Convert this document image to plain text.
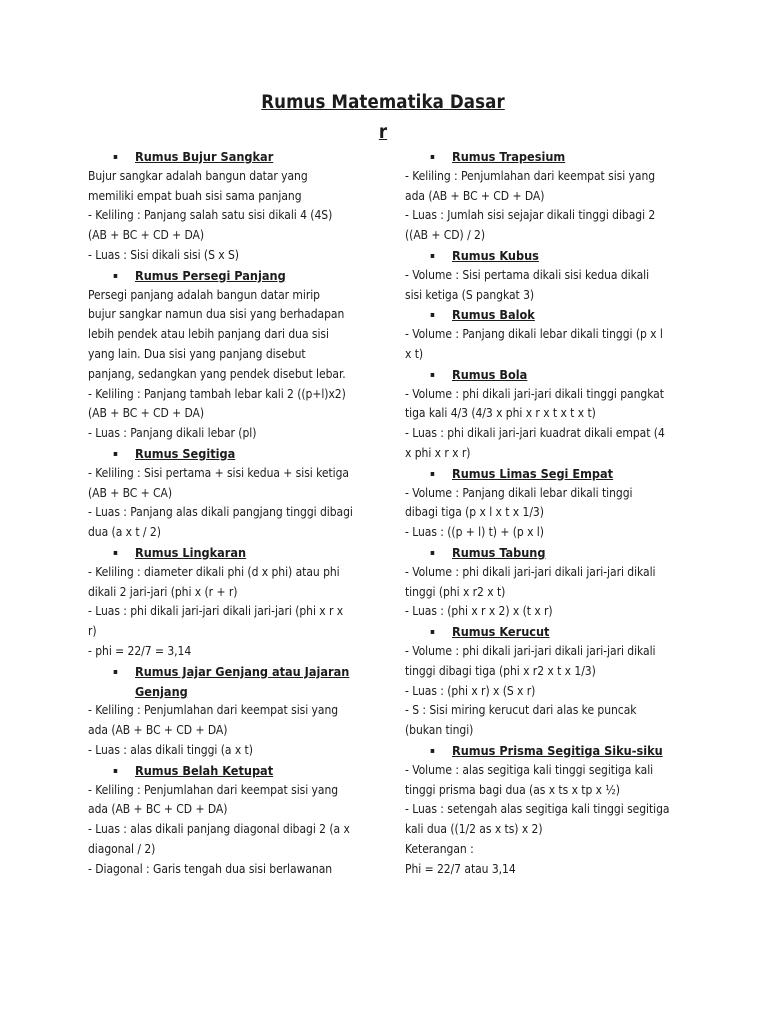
Rumus Matematika Dasar
r
▪	Rumus Bujur Sangkar
Bujur sangkar adalah bangun datar yang
memiliki empat buah sisi sama panjang
- Keliling : Panjang salah satu sisi dikali 4 (4S)
(AB + BC + CD + DA)
- Luas : Sisi dikali sisi (S x S)
▪	Rumus Persegi Panjang
Persegi panjang adalah bangun datar mirip
bujur sangkar namun dua sisi yang berhadapan
lebih pendek atau lebih panjang dari dua sisi
yang lain. Dua sisi yang panjang disebut
panjang, sedangkan yang pendek disebut lebar.
- Keliling : Panjang tambah lebar kali 2 ((p+l)x2)
(AB + BC + CD + DA)
- Luas : Panjang dikali lebar (pl)
▪	Rumus Segitiga
- Keliling : Sisi pertama + sisi kedua + sisi ketiga
(AB + BC + CA)
- Luas : Panjang alas dikali pangjang tinggi dibagi
dua (a x t / 2)
▪	Rumus Lingkaran
- Keliling : diameter dikali phi (d x phi) atau phi
dikali 2 jari-jari (phi x (r + r)
- Luas : phi dikali jari-jari dikali jari-jari (phi x r x
r)
- phi = 22/7 = 3,14
▪	Rumus Jajar Genjang atau Jajaran Genjang
- Keliling : Penjumlahan dari keempat sisi yang
ada (AB + BC + CD + DA)
- Luas : alas dikali tinggi (a x t)
▪	Rumus Belah Ketupat
- Keliling : Penjumlahan dari keempat sisi yang
ada (AB + BC + CD + DA)
- Luas : alas dikali panjang diagonal dibagi 2 (a x
diagonal / 2)
- Diagonal : Garis tengah dua sisi berlawanan
▪	Rumus Trapesium
- Keliling : Penjumlahan dari keempat sisi yang
ada (AB + BC + CD + DA)
- Luas : Jumlah sisi sejajar dikali tinggi dibagi 2
((AB + CD) / 2)
▪	Rumus Kubus
- Volume : Sisi pertama dikali sisi kedua dikali
sisi ketiga (S pangkat 3)
▪	Rumus Balok
- Volume : Panjang dikali lebar dikali tinggi (p x l
x t)
▪	Rumus Bola
- Volume : phi dikali jari-jari dikali tinggi pangkat
tiga kali 4/3 (4/3 x phi x r x t x t x t)
- Luas : phi dikali jari-jari kuadrat dikali empat (4
x phi x r x r)
▪	Rumus Limas Segi Empat
- Volume : Panjang dikali lebar dikali tinggi
dibagi tiga (p x l x t x 1/3)
- Luas : ((p + l) t) + (p x l)
▪	Rumus Tabung
- Volume : phi dikali jari-jari dikali jari-jari dikali
tinggi (phi x r2 x t)
- Luas : (phi x r x 2) x (t x r)
▪	Rumus Kerucut
- Volume : phi dikali jari-jari dikali jari-jari dikali
tinggi dibagi tiga (phi x r2 x t x 1/3)
- Luas : (phi x r) x (S x r)
- S : Sisi miring kerucut dari alas ke puncak
(bukan tingi)
▪	Rumus Prisma Segitiga Siku-siku
- Volume : alas segitiga kali tinggi segitiga kali
tinggi prisma bagi dua (as x ts x tp x ½)
- Luas : setengah alas segitiga kali tinggi segitiga
kali dua ((1/2 as x ts) x 2)
Keterangan :
Phi = 22/7 atau 3,14
